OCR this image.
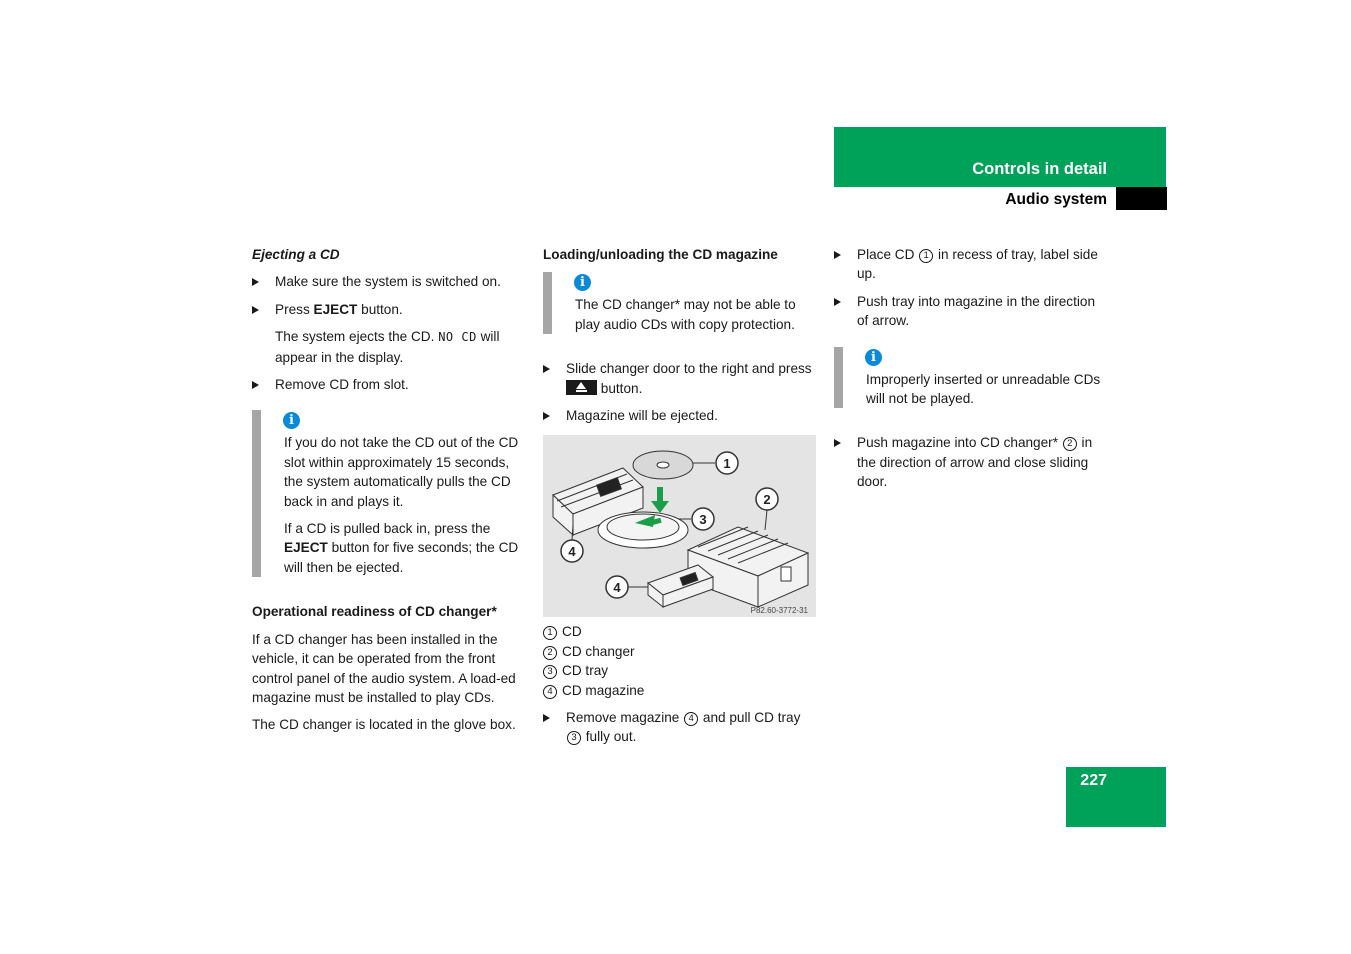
Controls in detail
Audio system
Ejecting a CD
Make sure the system is switched on.
Press EJECT button.

The system ejects the CD. NO CD will appear in the display.

Remove CD from slot.
i

If you do not take the CD out of the CD slot within approximately 15 seconds, the system automatically pulls the CD back in and plays it.

If a CD is pulled back in, press the EJECT button for five seconds; the CD will then be ejected.

Operational readiness of CD changer*

If a CD changer has been installed in the vehicle, it can be operated from the front control panel of the audio system. A load-ed magazine must be installed to play CDs.

The CD changer is located in the glove box.

Loading/unloading the CD magazine
i

The CD changer* may not be able to play audio CDs with copy protection.

Slide changer door to the right and press  button.
Magazine will be ejected.
1
2
3
4
4
P82.60-3772-31
1 CD
2 CD changer
3 CD tray
4 CD magazine
Remove magazine 4 and pull CD tray 3 fully out.
Place CD 1 in recess of tray, label side up.
Push tray into magazine in the direction of arrow.
i

Improperly inserted or unreadable CDs will not be played.

Push magazine into CD changer* 2 in the direction of arrow and close sliding door.
227
